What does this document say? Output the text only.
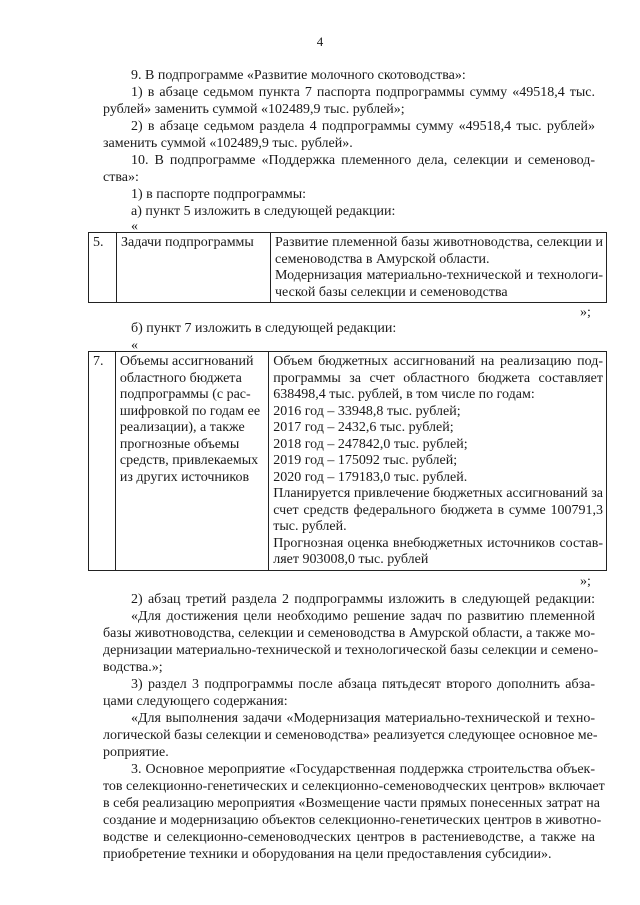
4
9. В подпрограмме «Развитие молочного скотоводства»:
1) в абзаце седьмом пункта 7 паспорта подпрограммы сумму «49518,4 тыс.
рублей» заменить суммой «102489,9 тыс. рублей»;
2) в абзаце седьмом раздела 4 подпрограммы сумму «49518,4 тыс. рублей»
заменить суммой «102489,9 тыс. рублей».
10. В подпрограмме «Поддержка племенного дела, селекции и семеновод-
ства»:
1) в паспорте подпрограммы:
а) пункт 5 изложить в следующей редакции:
«
5.	Задачи подпрограммы	Развитие племенной базы животноводства, селекции и
семеноводства в Амурской области.
Модернизация материально-технической и технологи-
ческой базы селекции и семеноводства
»;
б) пункт 7 изложить в следующей редакции:
«
7.	Объемы ассигнований
областного бюджета
подпрограммы (с рас-
шифровкой по годам ее
реализации), а также
прогнозные объемы
средств, привлекаемых
из других источников

Объем бюджетных ассигнований на реализацию под-
программы за счет областного бюджета составляет
638498,4 тыс. рублей, в том числе по годам:
2016 год – 33948,8 тыс. рублей;
2017 год – 2432,6 тыс. рублей;
2018 год – 247842,0 тыс. рублей;
2019 год – 175092 тыс. рублей;
2020 год – 179183,0 тыс. рублей.
Планируется привлечение бюджетных ассигнований за
счет средств федерального бюджета в сумме 100791,3
тыс. рублей.
Прогнозная оценка внебюджетных источников состав-
ляет 903008,0 тыс. рублей
»;
2) абзац третий раздела 2 подпрограммы изложить в следующей редакции:
«Для достижения цели необходимо решение задач по развитию племенной
базы животноводства, селекции и семеноводства в Амурской области, а также мо-
дернизации материально-технической и технологической базы селекции и семено-
водства.»;
3) раздел 3 подпрограммы после абзаца пятьдесят второго дополнить абза-
цами следующего содержания:
«Для выполнения задачи «Модернизация материально-технической и техно-
логической базы селекции и семеноводства» реализуется следующее основное ме-
роприятие.
3. Основное мероприятие «Государственная поддержка строительства объек-
тов селекционно-генетических и селекционно-семеноводческих центров» включает
в себя реализацию мероприятия «Возмещение части прямых понесенных затрат на
создание и модернизацию объектов селекционно-генетических центров в животно-
водстве и селекционно-семеноводческих центров в растениеводстве, а также на
приобретение техники и оборудования на цели предоставления субсидии».
